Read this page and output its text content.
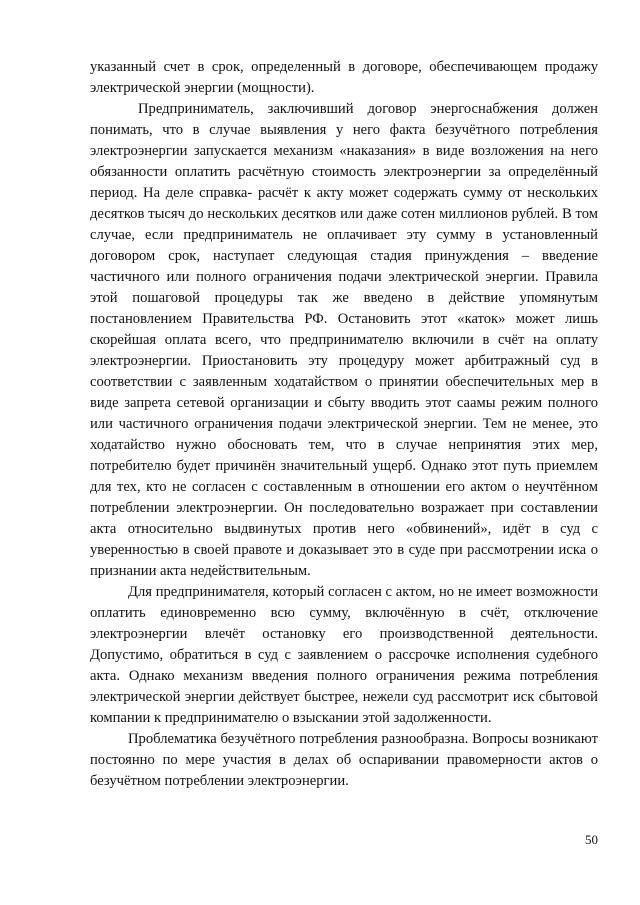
указанный счет в срок, определенный в договоре, обеспечивающем продажу электрической энергии (мощности).

Предприниматель, заключивший договор энергоснабжения должен понимать, что в случае выявления у него факта безучётного потребления электроэнергии запускается механизм «наказания» в виде возложения на него обязанности оплатить расчётную стоимость электроэнергии за определённый период. На деле справка- расчёт к акту может содержать сумму от нескольких десятков тысяч до нескольких десятков или даже сотен миллионов рублей. В том случае, если предприниматель не оплачивает эту сумму в установленный договором срок, наступает следующая стадия принуждения – введение частичного или полного ограничения подачи электрической энергии. Правила этой пошаговой процедуры так же введено в действие упомянутым постановлением Правительства РФ. Остановить этот «каток» может лишь скорейшая оплата всего, что предпринимателю включили в счёт на оплату электроэнергии. Приостановить эту процедуру может арбитражный суд в соответствии с заявленным ходатайством о принятии обеспечительных мер в виде запрета сетевой организации и сбыту вводить этот саамы режим полного или частичного ограничения подачи электрической энергии. Тем не менее, это ходатайство нужно обосновать тем, что в случае непринятия этих мер, потребителю будет причинён значительный ущерб. Однако этот путь приемлем для тех, кто не согласен с составленным в отношении его актом о неучтённом потреблении электроэнергии. Он последовательно возражает при составлении акта относительно выдвинутых против него «обвинений», идёт в суд с уверенностью в своей правоте и доказывает это в суде при рассмотрении иска о признании акта недействительным.

Для предпринимателя, который согласен с актом, но не имеет возможности оплатить единовременно всю сумму, включённую в счёт, отключение электроэнергии влечёт остановку его производственной деятельности. Допустимо, обратиться в суд с заявлением о рассрочке исполнения судебного акта. Однако механизм введения полного ограничения режима потребления электрической энергии действует быстрее, нежели суд рассмотрит иск сбытовой компании к предпринимателю о взыскании этой задолженности.

Проблематика безучётного потребления разнообразна. Вопросы возникают постоянно по мере участия в делах об оспаривании правомерности актов о безучётном потреблении электроэнергии.

50
